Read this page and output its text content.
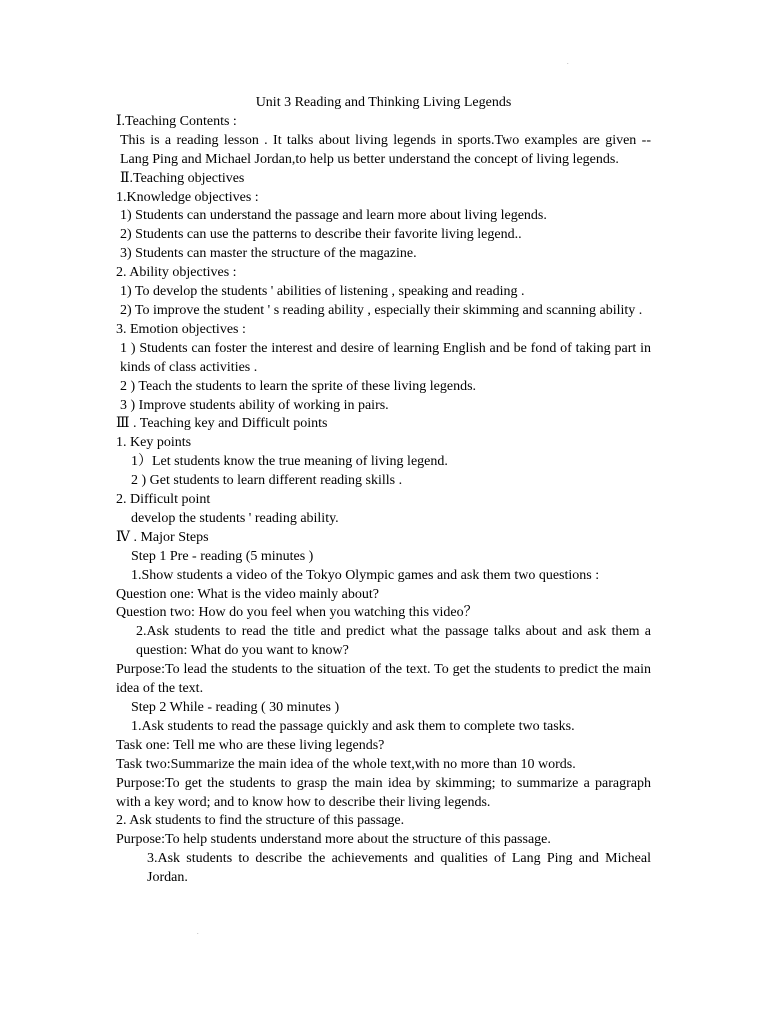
.

Unit 3 Reading and Thinking Living Legends

Ⅰ.Teaching Contents :

This is a reading lesson . It talks about living legends in sports.Two examples are given -- Lang Ping and Michael Jordan,to help us better understand the concept of living legends.

Ⅱ.Teaching objectives

1.Knowledge objectives :

1) Students can understand the passage and learn more about living legends.

2) Students can use the patterns to describe their favorite living legend..

3) Students can master the structure of the magazine.

2. Ability objectives :

1) To develop the students ' abilities of listening , speaking and reading .

2) To improve the student ' s reading ability , especially their skimming and scanning ability .

3. Emotion objectives :

1 ) Students can foster the interest and desire of learning English and be fond of taking part in kinds of class activities .

2 ) Teach the students to learn the sprite of these living legends.

3 ) Improve students ability of working in pairs.

Ⅲ . Teaching key and Difficult points

1. Key points

1）Let students know the true meaning of living legend.

2 ) Get students to learn different reading skills .

2. Difficult point

develop the students ' reading ability.

Ⅳ . Major Steps

Step 1 Pre - reading (5 minutes )

1.Show students a video of the Tokyo Olympic games and ask them two questions :

Question one: What is the video mainly about?

Question two: How do you feel when you watching this video？

2.Ask students to read the title and predict what the passage talks about and ask them a question: What do you want to know?

Purpose:To lead the students to the situation of the text. To get the students to predict the main idea of the text.

Step 2 While - reading ( 30 minutes )

1.Ask students to read the passage quickly and ask them to complete two tasks.

Task one: Tell me who are these living legends?

Task two:Summarize the main idea of the whole text,with no more than 10 words.

Purpose:To get the students to grasp the main idea by skimming; to summarize a paragraph with a key word; and to know how to describe their living legends.

2. Ask students to find the structure of this passage.

Purpose:To help students understand more about the structure of this passage.

3.Ask students to describe the achievements and qualities of Lang Ping and Micheal Jordan.

.
